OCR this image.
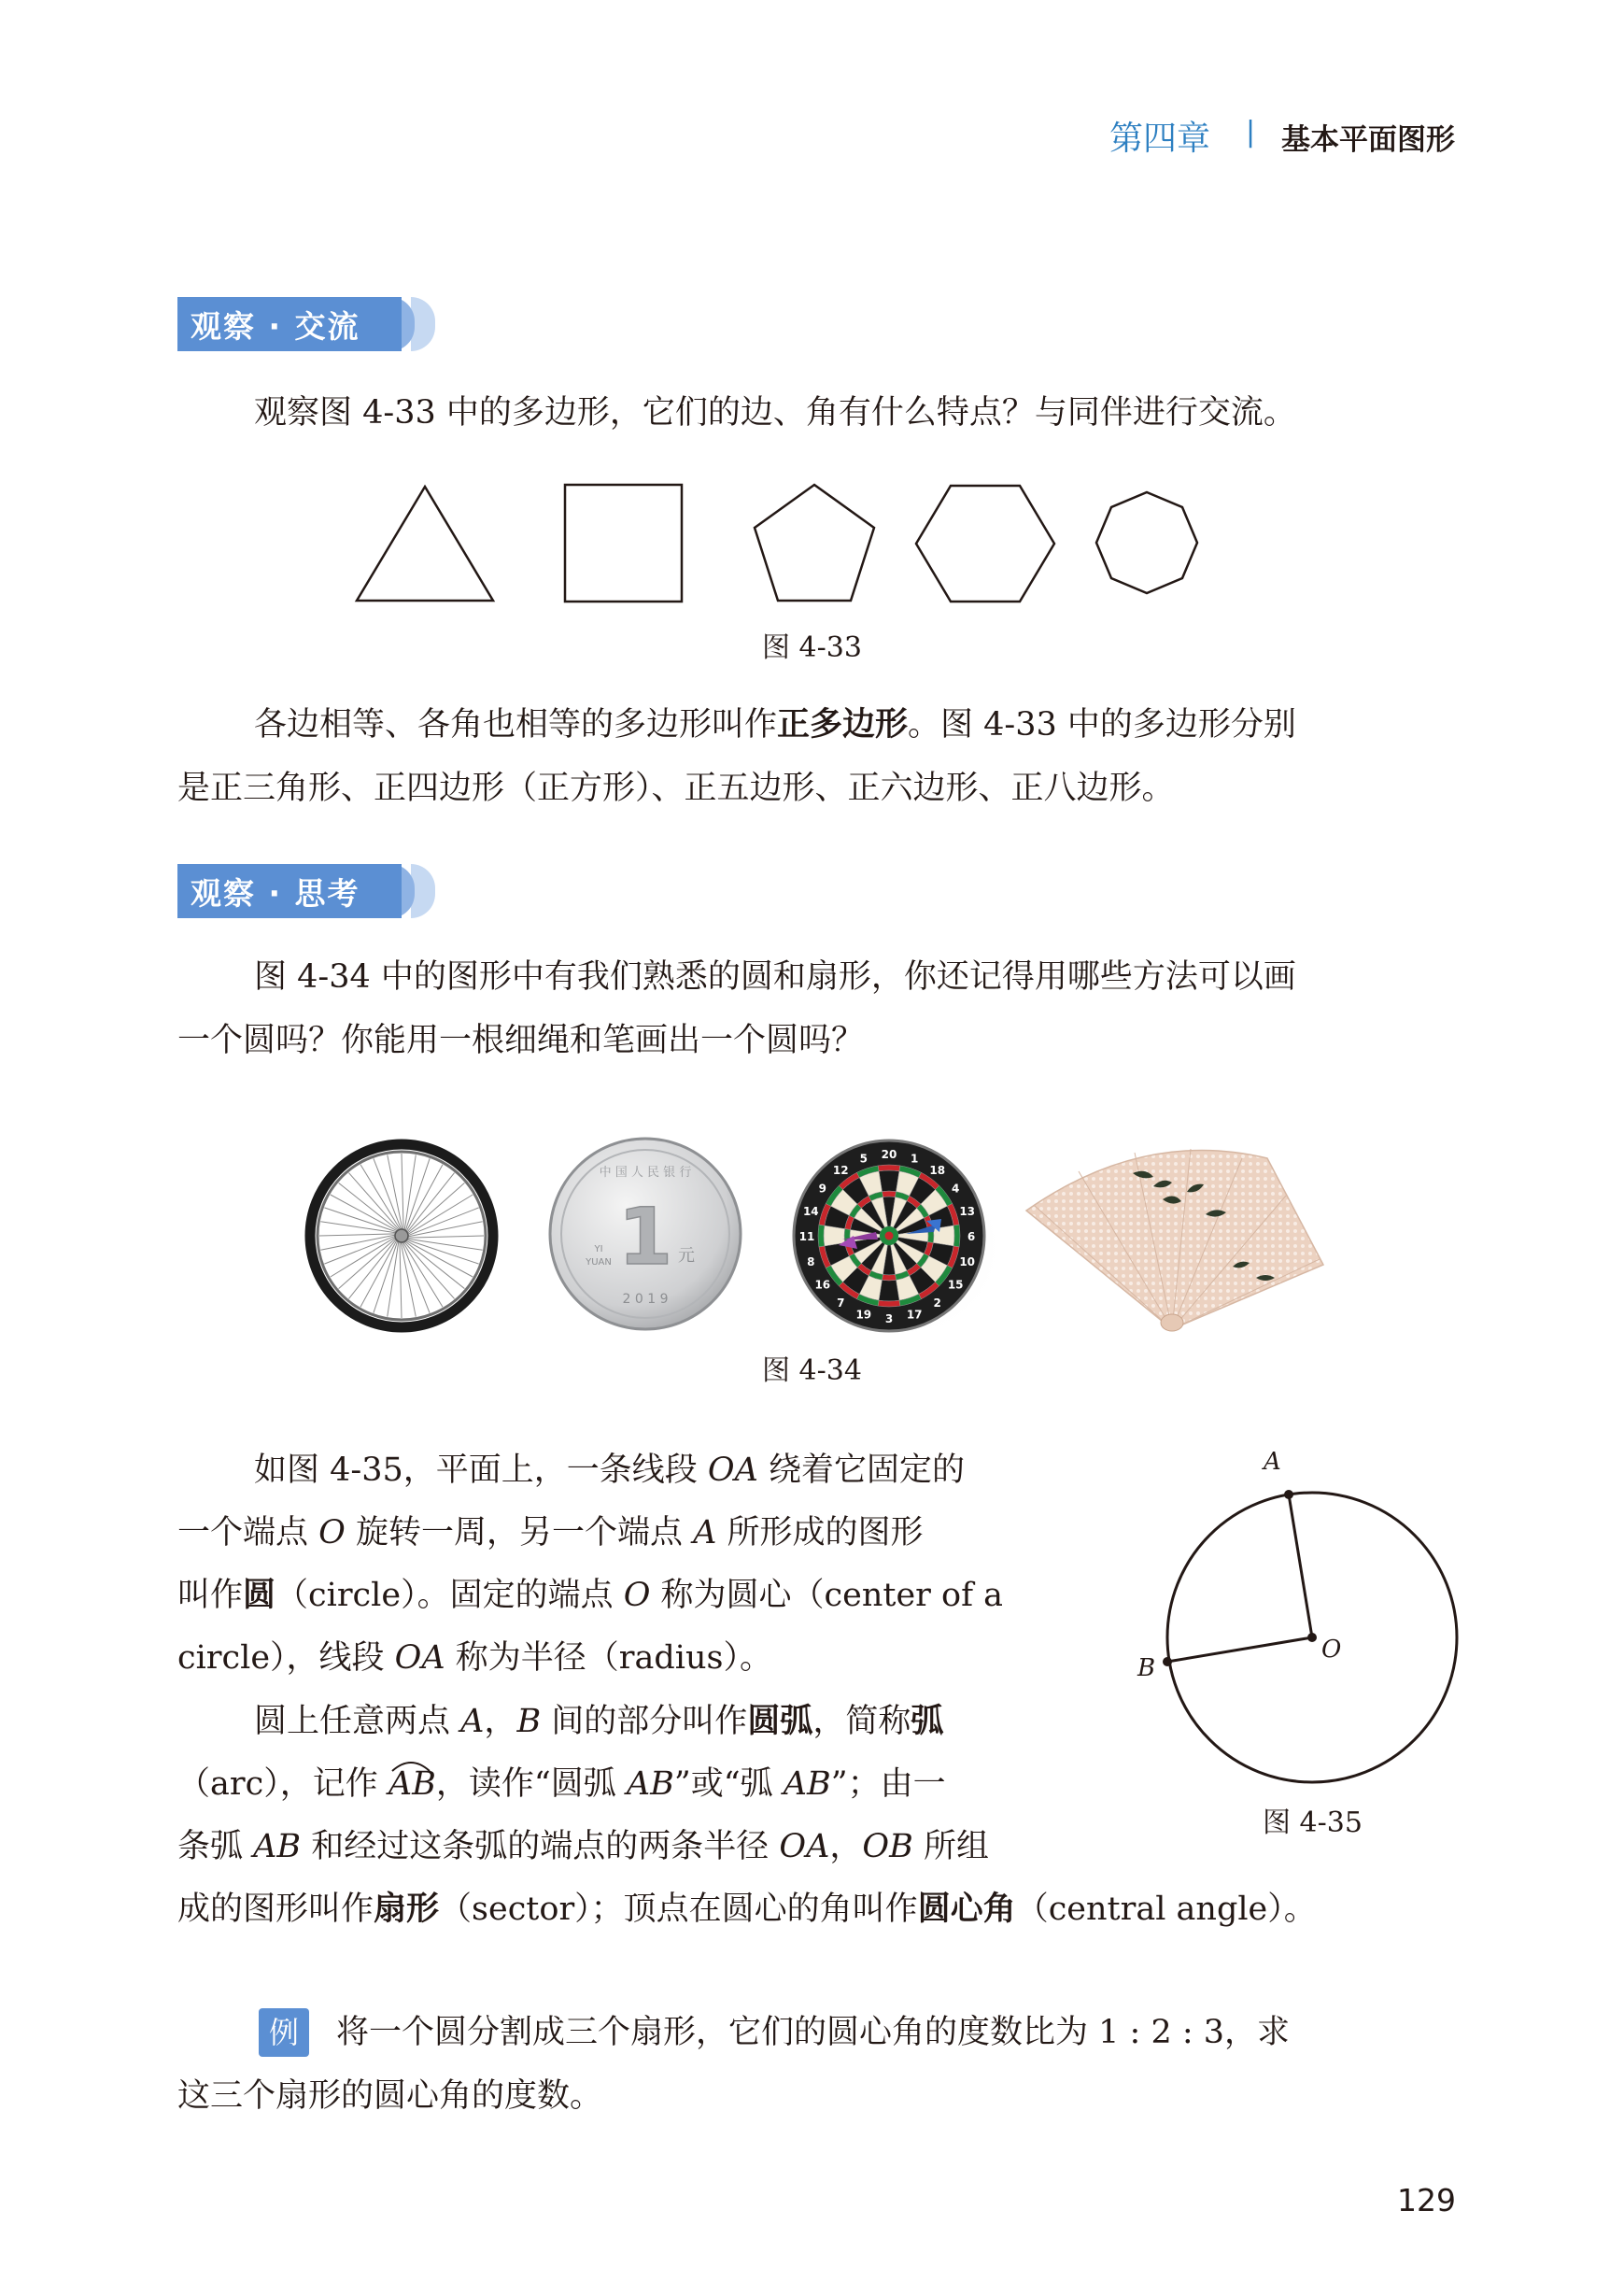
第四章 | 基本平面图形
观察 · 交流
观察图 4-33 中的多边形，它们的边、角有什么特点？与同伴进行交流。
图 4-33
各边相等、各角也相等的多边形叫作正多边形。图 4-33 中的多边形分别
是正三角形、正四边形（正方形）、正五边形、正六边形、正八边形。
观察 · 思考
图 4-34 中的图形中有我们熟悉的圆和扇形，你还记得用哪些方法可以画
一个圆吗？你能用一根细绳和笔画出一个圆吗？
中 国 人 民 银 行
1
YI
YUAN	元
2 0 1 9
20 1
18
4
13
6
10
15
2
17
3
19
7
16
8
11
14
9
12
5
图 4-34
如图 4-35，平面上，一条线段 OA 绕着它固定的
一个端点 O 旋转一周，另一个端点 A 所形成的图形
叫作圆（circle）。固定的端点 O 称为圆心（center of a
circle），线段 OA 称为半径（radius）。
圆上任意两点 A，B 间的部分叫作圆弧，简称弧
（arc），记作
AB，读作“圆弧 AB”或“弧 AB”；由一
条弧 AB 和经过这条弧的端点的两条半径 OA，OB 所组
成的图形叫作扇形（sector）；顶点在圆心的角叫作圆心角（central angle）。
A
B
O
图 4-35
例	将一个圆分割成三个扇形，它们的圆心角的度数比为 1 : 2 : 3，求
这三个扇形的圆心角的度数。
129
